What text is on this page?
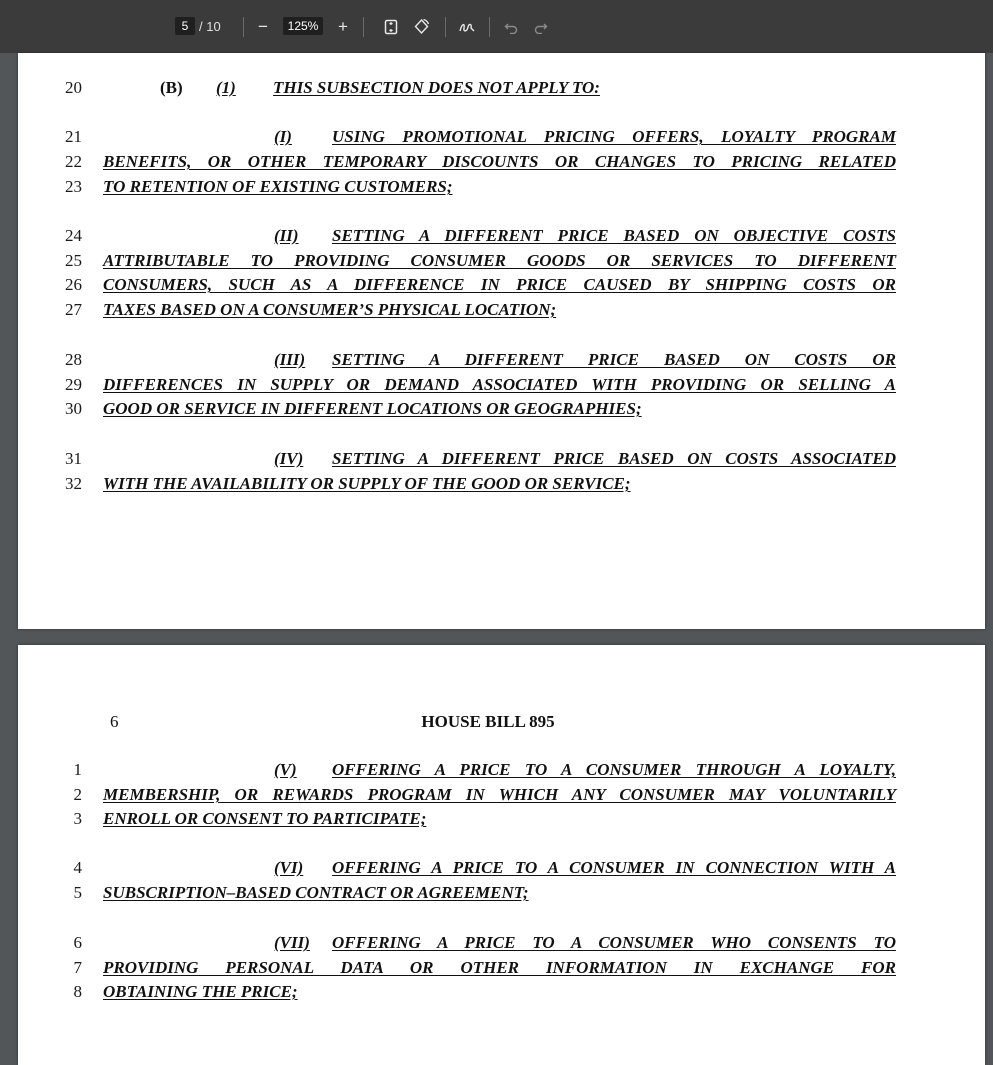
5 / 10	−	125%	+
20	(B) (1) THIS SUBSECTION DOES NOT APPLY TO:
21	(I) USING PROMOTIONAL PRICING OFFERS, LOYALTY PROGRAM
22 BENEFITS, OR OTHER TEMPORARY DISCOUNTS OR CHANGES TO PRICING RELATED
23 TO RETENTION OF EXISTING CUSTOMERS;
24	(II) SETTING A DIFFERENT PRICE BASED ON OBJECTIVE COSTS
25 ATTRIBUTABLE TO PROVIDING CONSUMER GOODS OR SERVICES TO DIFFERENT
26 CONSUMERS, SUCH AS A DIFFERENCE IN PRICE CAUSED BY SHIPPING COSTS OR
27 TAXES BASED ON A CONSUMER’S PHYSICAL LOCATION;
28	(III) SETTING A DIFFERENT PRICE BASED ON COSTS OR
29 DIFFERENCES IN SUPPLY OR DEMAND ASSOCIATED WITH PROVIDING OR SELLING A
30 GOOD OR SERVICE IN DIFFERENT LOCATIONS OR GEOGRAPHIES;
31	(IV) SETTING A DIFFERENT PRICE BASED ON COSTS ASSOCIATED
32 WITH THE AVAILABILITY OR SUPPLY OF THE GOOD OR SERVICE;
6	HOUSE BILL 895
1	(V) OFFERING A PRICE TO A CONSUMER THROUGH A LOYALTY,
2 MEMBERSHIP, OR REWARDS PROGRAM IN WHICH ANY CONSUMER MAY VOLUNTARILY
3 ENROLL OR CONSENT TO PARTICIPATE;
4	(VI) OFFERING A PRICE TO A CONSUMER IN CONNECTION WITH A
5 SUBSCRIPTION–BASED CONTRACT OR AGREEMENT;
6	(VII) OFFERING A PRICE TO A CONSUMER WHO CONSENTS TO
7 PROVIDING PERSONAL DATA OR OTHER INFORMATION IN EXCHANGE FOR
8 OBTAINING THE PRICE;
